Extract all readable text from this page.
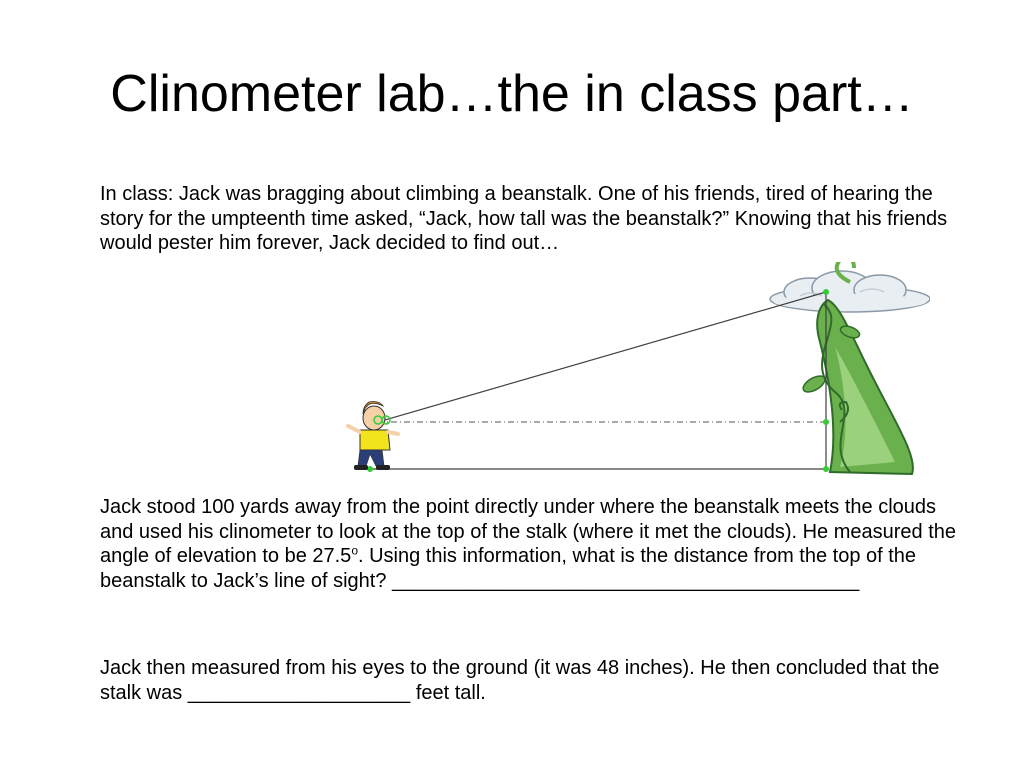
Clinometer lab…the in class part…
In class: Jack was bragging about climbing a beanstalk. One of his friends, tired of hearing the story for the umpteenth time asked, “Jack, how tall was the beanstalk?” Knowing that his friends would pester him forever, Jack decided to find out…
Jack stood 100 yards away from the point directly under where the beanstalk meets the clouds and used his clinometer to look at the top of the stalk (where it met the clouds). He measured the angle of elevation to be 27.5$^o$. Using this information, what is the distance from the top of the beanstalk to Jack’s line of sight? __________________________________________
Jack then measured from his eyes to the ground (it was 48 inches). He then concluded that the stalk was ____________________ feet tall.
